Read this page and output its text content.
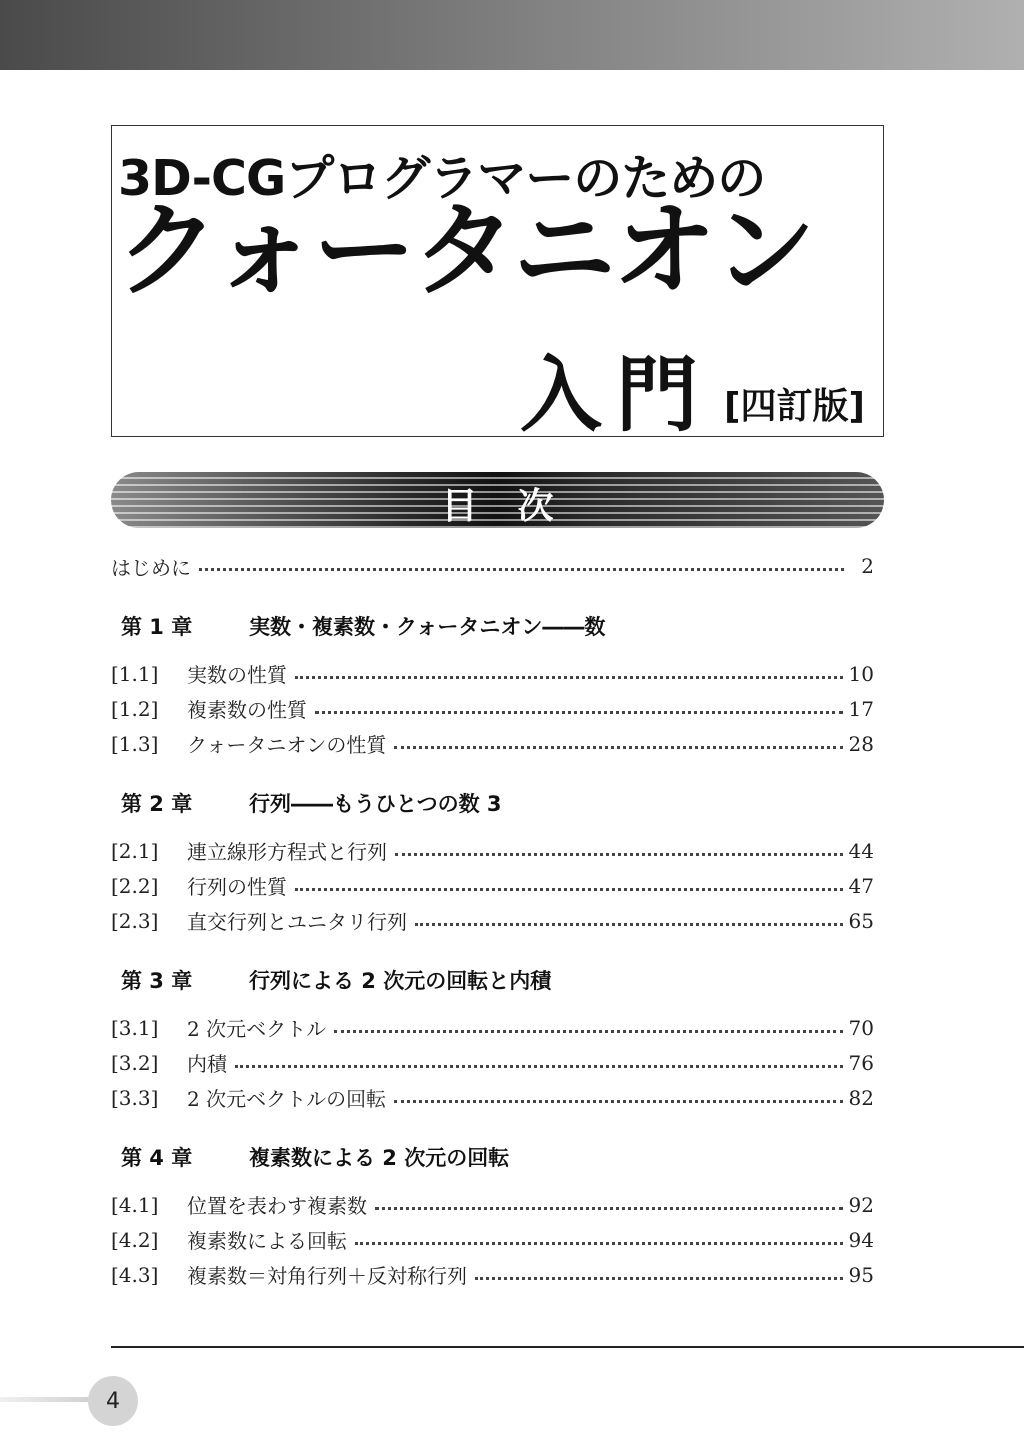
3D-CGプログラマーのための
クォータニオン
入門 [四訂版]
目次
はじめに	2
第 1 章	実数・複素数・クォータニオン――数
[1.1]	実数の性質	10
[1.2]	複素数の性質	17
[1.3]	クォータニオンの性質	28
第 2 章	行列――もうひとつの数 3
[2.1]	連立線形方程式と行列	44
[2.2]	行列の性質	47
[2.3]	直交行列とユニタリ行列	65
第 3 章	行列による 2 次元の回転と内積
[3.1]	2 次元ベクトル	70
[3.2]	内積	76
[3.3]	2 次元ベクトルの回転	82
第 4 章	複素数による 2 次元の回転
[4.1]	位置を表わす複素数	92
[4.2]	複素数による回転	94
[4.3]	複素数＝対角行列＋反対称行列	95
4
